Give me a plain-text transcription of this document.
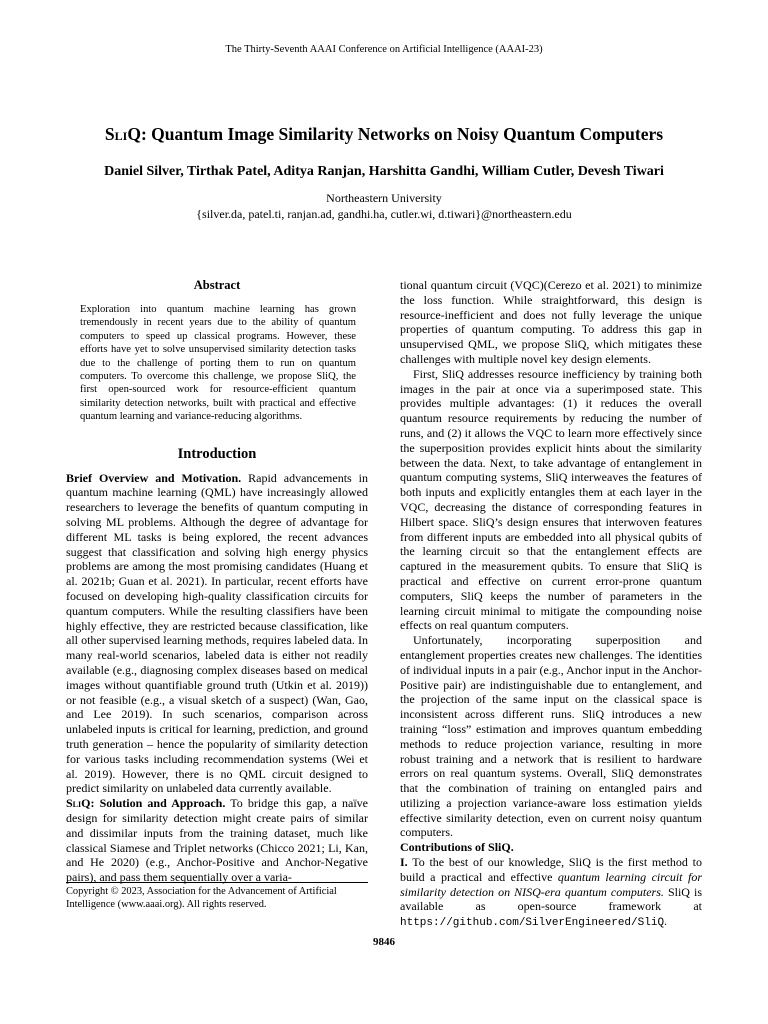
The Thirty-Seventh AAAI Conference on Artificial Intelligence (AAAI-23)
SliQ: Quantum Image Similarity Networks on Noisy Quantum Computers
Daniel Silver, Tirthak Patel, Aditya Ranjan, Harshitta Gandhi, William Cutler, Devesh Tiwari
Northeastern University
{silver.da, patel.ti, ranjan.ad, gandhi.ha, cutler.wi, d.tiwari}@northeastern.edu
Abstract

Exploration into quantum machine learning has grown tremendously in recent years due to the ability of quantum computers to speed up classical programs. However, these efforts have yet to solve unsupervised similarity detection tasks due to the challenge of porting them to run on quantum computers. To overcome this challenge, we propose SliQ, the first open-sourced work for resource-efficient quantum similarity detection networks, built with practical and effective quantum learning and variance-reducing algorithms.

Introduction

Brief Overview and Motivation. Rapid advancements in quantum machine learning (QML) have increasingly allowed researchers to leverage the benefits of quantum computing in solving ML problems. Although the degree of advantage for different ML tasks is being explored, the recent advances suggest that classification and solving high energy physics problems are among the most promising candidates (Huang et al. 2021b; Guan et al. 2021). In particular, recent efforts have focused on developing high-quality classification circuits for quantum computers. While the resulting classifiers have been highly effective, they are restricted because classification, like all other supervised learning methods, requires labeled data. In many real-world scenarios, labeled data is either not readily available (e.g., diagnosing complex diseases based on medical images without quantifiable ground truth (Utkin et al. 2019)) or not feasible (e.g., a visual sketch of a suspect) (Wan, Gao, and Lee 2019). In such scenarios, comparison across unlabeled inputs is critical for learning, prediction, and ground truth generation – hence the popularity of similarity detection for various tasks including recommendation systems (Wei et al. 2019). However, there is no QML circuit designed to predict similarity on unlabeled data currently available.

SliQ: Solution and Approach. To bridge this gap, a naïve design for similarity detection might create pairs of similar and dissimilar inputs from the training dataset, much like classical Siamese and Triplet networks (Chicco 2021; Li, Kan, and He 2020) (e.g., Anchor-Positive and Anchor-Negative pairs), and pass them sequentially over a varia-

tional quantum circuit (VQC)(Cerezo et al. 2021) to minimize the loss function. While straightforward, this design is resource-inefficient and does not fully leverage the unique properties of quantum computing. To address this gap in unsupervised QML, we propose SliQ, which mitigates these challenges with multiple novel key design elements.

First, SliQ addresses resource inefficiency by training both images in the pair at once via a superimposed state. This provides multiple advantages: (1) it reduces the overall quantum resource requirements by reducing the number of runs, and (2) it allows the VQC to learn more effectively since the superposition provides explicit hints about the similarity between the data. Next, to take advantage of entanglement in quantum computing systems, SliQ interweaves the features of both inputs and explicitly entangles them at each layer in the VQC, decreasing the distance of corresponding features in Hilbert space. SliQ’s design ensures that interwoven features from different inputs are embedded into all physical qubits of the learning circuit so that the entanglement effects are captured in the measurement qubits. To ensure that SliQ is practical and effective on current error-prone quantum computers, SliQ keeps the number of parameters in the learning circuit minimal to mitigate the compounding noise effects on real quantum computers.

Unfortunately, incorporating superposition and entanglement properties creates new challenges. The identities of individual inputs in a pair (e.g., Anchor input in the Anchor-Positive pair) are indistinguishable due to entanglement, and the projection of the same input on the classical space is inconsistent across different runs. SliQ introduces a new training “loss” estimation and improves quantum embedding methods to reduce projection variance, resulting in more robust training and a network that is resilient to hardware errors on real quantum systems. Overall, SliQ demonstrates that the combination of training on entangled pairs and utilizing a projection variance-aware loss estimation yields effective similarity detection, even on current noisy quantum computers.

Contributions of SliQ.

I. To the best of our knowledge, SliQ is the first method to build a practical and effective quantum learning circuit for similarity detection on NISQ-era quantum computers. SliQ is available as open-source framework at https://github.com/SilverEngineered/SliQ.

Copyright © 2023, Association for the Advancement of Artificial Intelligence (www.aaai.org). All rights reserved.
9846
